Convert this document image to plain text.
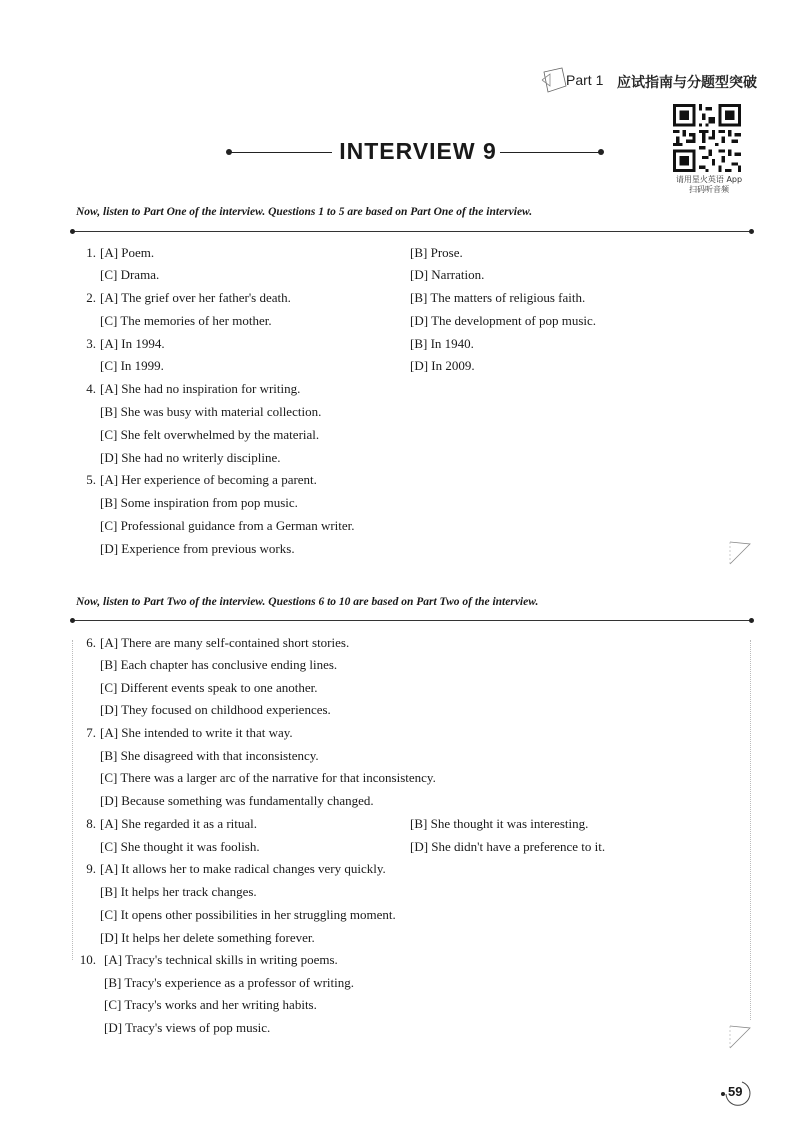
Part 1 应试指南与分题型突破
INTERVIEW 9
请用星火英语 App
扫码听音频
Now, listen to Part One of the interview. Questions 1 to 5 are based on Part One of the interview.
1. [A] Poem.	[B] Prose.
[C] Drama.	[D] Narration.
2. [A] The grief over her father's death.	[B] The matters of religious faith.
[C] The memories of her mother.	[D] The development of pop music.
3. [A] In 1994.	[B] In 1940.
[C] In 1999.	[D] In 2009.
4. [A] She had no inspiration for writing.
[B] She was busy with material collection.
[C] She felt overwhelmed by the material.
[D] She had no writerly discipline.
5. [A] Her experience of becoming a parent.
[B] Some inspiration from pop music.
[C] Professional guidance from a German writer.
[D] Experience from previous works.
Now, listen to Part Two of the interview. Questions 6 to 10 are based on Part Two of the interview.
6. [A] There are many self-contained short stories.
[B] Each chapter has conclusive ending lines.
[C] Different events speak to one another.
[D] They focused on childhood experiences.
7. [A] She intended to write it that way.
[B] She disagreed with that inconsistency.
[C] There was a larger arc of the narrative for that inconsistency.
[D] Because something was fundamentally changed.
8. [A] She regarded it as a ritual.	[B] She thought it was interesting.
[C] She thought it was foolish.	[D] She didn't have a preference to it.
9. [A] It allows her to make radical changes very quickly.
[B] It helps her track changes.
[C] It opens other possibilities in her struggling moment.
[D] It helps her delete something forever.
10. [A] Tracy's technical skills in writing poems.
[B] Tracy's experience as a professor of writing.
[C] Tracy's works and her writing habits.
[D] Tracy's views of pop music.
59
